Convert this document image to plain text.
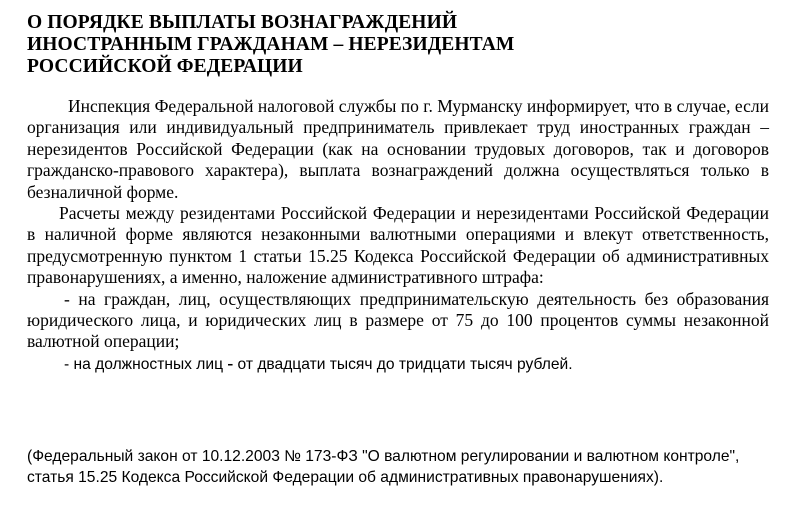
О ПОРЯДКЕ ВЫПЛАТЫ ВОЗНАГРАЖДЕНИЙ
ИНОСТРАННЫМ ГРАЖДАНАМ – НЕРЕЗИДЕНТАМ
РОССИЙСКОЙ ФЕДЕРАЦИИ

Инспекция Федеральной налоговой службы по г. Мурманску информирует, что в случае, если организация или индивидуальный предприниматель привлекает труд иностранных граждан – нерезидентов Российской Федерации (как на основании трудовых договоров, так и договоров гражданско-правового характера), выплата вознаграждений должна осуществляться только в безналичной форме.

Расчеты между резидентами Российской Федерации и нерезидентами Российской Федерации в наличной форме являются незаконными валютными операциями и влекут ответственность, предусмотренную пунктом 1 статьи 15.25 Кодекса Российской Федерации об административных правонарушениях, а именно, наложение административного штрафа:

- на граждан, лиц, осуществляющих предпринимательскую деятельность без образования юридического лица, и юридических лиц в размере от 75 до 100 процентов суммы незаконной валютной операции;

- на должностных лиц - от двадцати тысяч до тридцати тысяч рублей.

(Федеральный закон от 10.12.2003 № 173-ФЗ "О валютном регулировании и валютном контроле",
статья 15.25 Кодекса Российской Федерации об административных правонарушениях).
